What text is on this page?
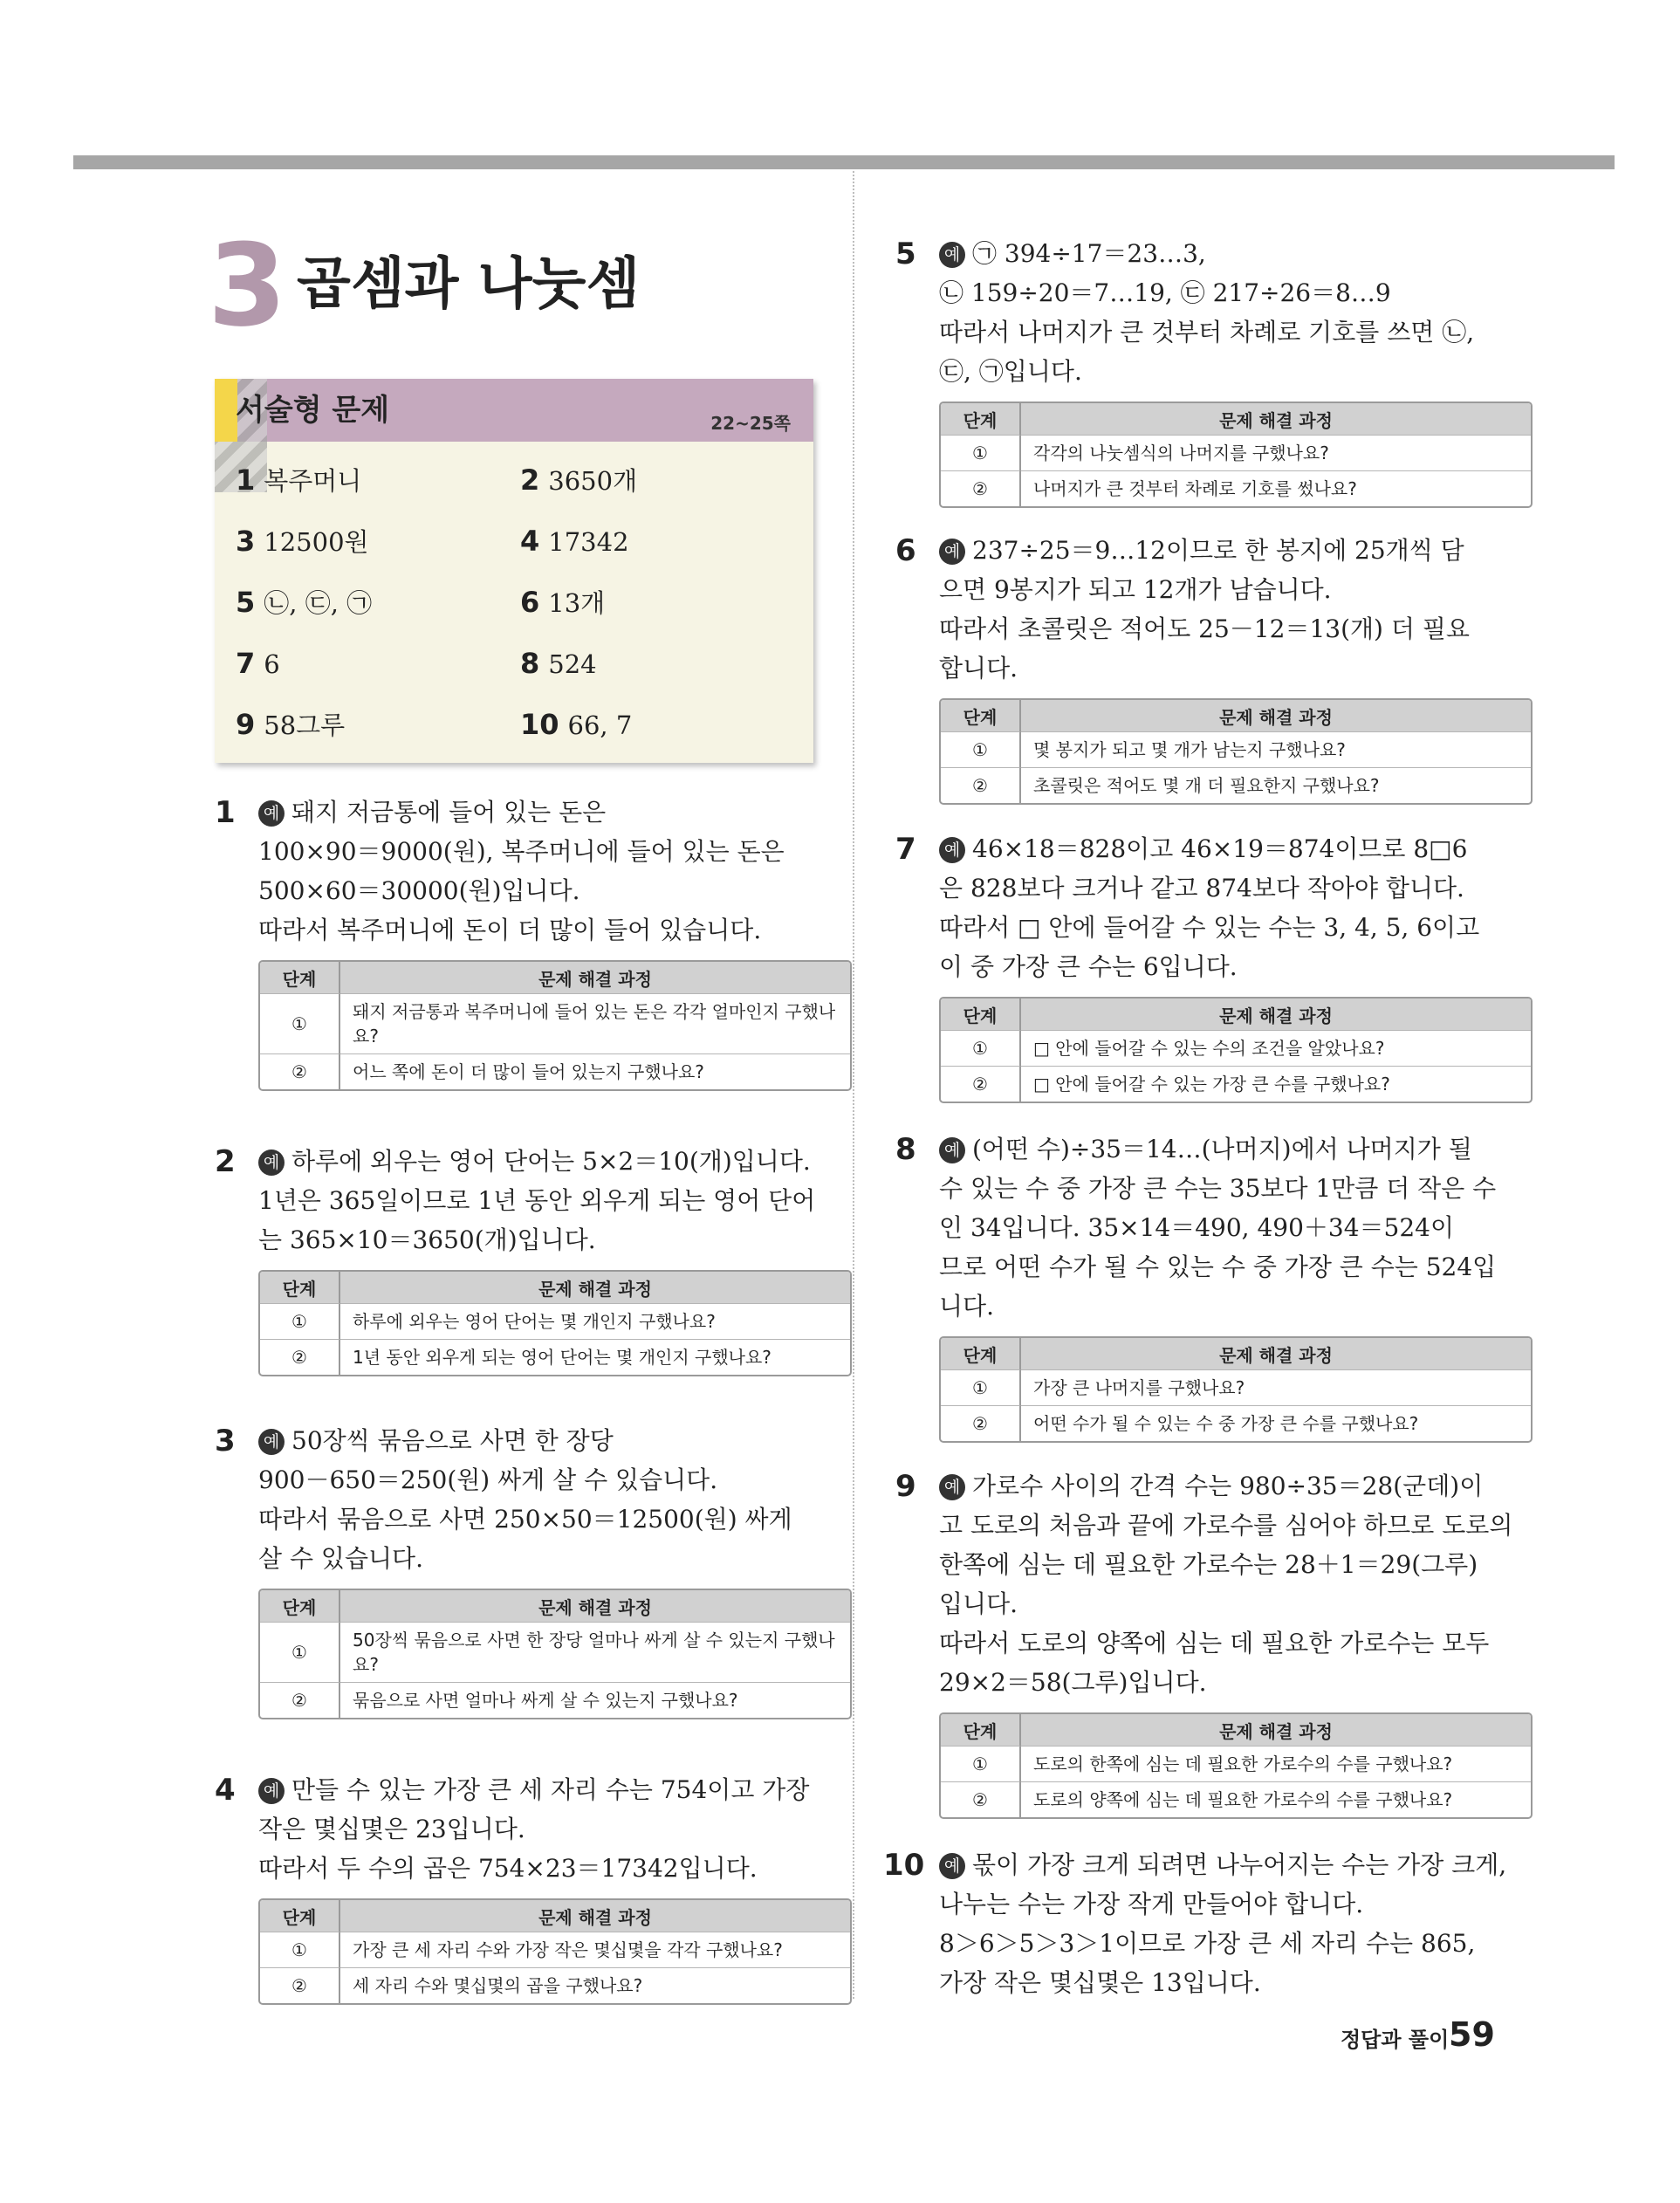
3 곱셈과 나눗셈
서술형 문제	22~25쪽
1 복주머니	2 3650개
3 12500원	4 17342
5 ㉡, ㉢, ㉠	6 13개
7 6	8 524
9 58그루	10 66, 7
1	예 돼지 저금통에 들어 있는 돈은
100×90＝9000(원), 복주머니에 들어 있는 돈은
500×60＝30000(원)입니다.
따라서 복주머니에 돈이 더 많이 들어 있습니다.
단계	문제 해결 과정
①	돼지 저금통과 복주머니에 들어 있는 돈은 각각 얼마인지 구했나요?
②	어느 쪽에 돈이 더 많이 들어 있는지 구했나요?
2	예 하루에 외우는 영어 단어는 5×2＝10(개)입니다.
1년은 365일이므로 1년 동안 외우게 되는 영어 단어
는 365×10＝3650(개)입니다.
단계	문제 해결 과정
①	하루에 외우는 영어 단어는 몇 개인지 구했나요?
②	1년 동안 외우게 되는 영어 단어는 몇 개인지 구했나요?
3	예 50장씩 묶음으로 사면 한 장당
900－650＝250(원) 싸게 살 수 있습니다.
따라서 묶음으로 사면 250×50＝12500(원) 싸게
살 수 있습니다.
단계	문제 해결 과정
①	50장씩 묶음으로 사면 한 장당 얼마나 싸게 살 수 있는지 구했나요?
②	묶음으로 사면 얼마나 싸게 살 수 있는지 구했나요?
4	예 만들 수 있는 가장 큰 세 자리 수는 754이고 가장
작은 몇십몇은 23입니다.
따라서 두 수의 곱은 754×23＝17342입니다.
단계	문제 해결 과정
①	가장 큰 세 자리 수와 가장 작은 몇십몇을 각각 구했나요?
②	세 자리 수와 몇십몇의 곱을 구했나요?
5	예 ㉠ 394÷17＝23…3,
㉡ 159÷20＝7…19, ㉢ 217÷26＝8…9
따라서 나머지가 큰 것부터 차례로 기호를 쓰면 ㉡,
㉢, ㉠입니다.
단계	문제 해결 과정
①	각각의 나눗셈식의 나머지를 구했나요?
②	나머지가 큰 것부터 차례로 기호를 썼나요?
6	예 237÷25＝9…12이므로 한 봉지에 25개씩 담
으면 9봉지가 되고 12개가 남습니다.
따라서 초콜릿은 적어도 25－12＝13(개) 더 필요
합니다.
단계	문제 해결 과정
①	몇 봉지가 되고 몇 개가 남는지 구했나요?
②	초콜릿은 적어도 몇 개 더 필요한지 구했나요?
7	예 46×18＝828이고 46×19＝874이므로 8□6
은 828보다 크거나 같고 874보다 작아야 합니다.
따라서 □ 안에 들어갈 수 있는 수는 3, 4, 5, 6이고
이 중 가장 큰 수는 6입니다.
단계	문제 해결 과정
①	□ 안에 들어갈 수 있는 수의 조건을 알았나요?
②	□ 안에 들어갈 수 있는 가장 큰 수를 구했나요?
8	예 (어떤 수)÷35＝14…(나머지)에서 나머지가 될
수 있는 수 중 가장 큰 수는 35보다 1만큼 더 작은 수
인 34입니다. 35×14＝490, 490＋34＝524이
므로 어떤 수가 될 수 있는 수 중 가장 큰 수는 524입
니다.
단계	문제 해결 과정
①	가장 큰 나머지를 구했나요?
②	어떤 수가 될 수 있는 수 중 가장 큰 수를 구했나요?
9	예 가로수 사이의 간격 수는 980÷35＝28(군데)이
고 도로의 처음과 끝에 가로수를 심어야 하므로 도로의
한쪽에 심는 데 필요한 가로수는 28＋1＝29(그루)
입니다.
따라서 도로의 양쪽에 심는 데 필요한 가로수는 모두
29×2＝58(그루)입니다.
단계	문제 해결 과정
①	도로의 한쪽에 심는 데 필요한 가로수의 수를 구했나요?
②	도로의 양쪽에 심는 데 필요한 가로수의 수를 구했나요?
10	예 몫이 가장 크게 되려면 나누어지는 수는 가장 크게,
나누는 수는 가장 작게 만들어야 합니다.
8＞6＞5＞3＞1이므로 가장 큰 세 자리 수는 865,
가장 작은 몇십몇은 13입니다.
정답과 풀이 59
